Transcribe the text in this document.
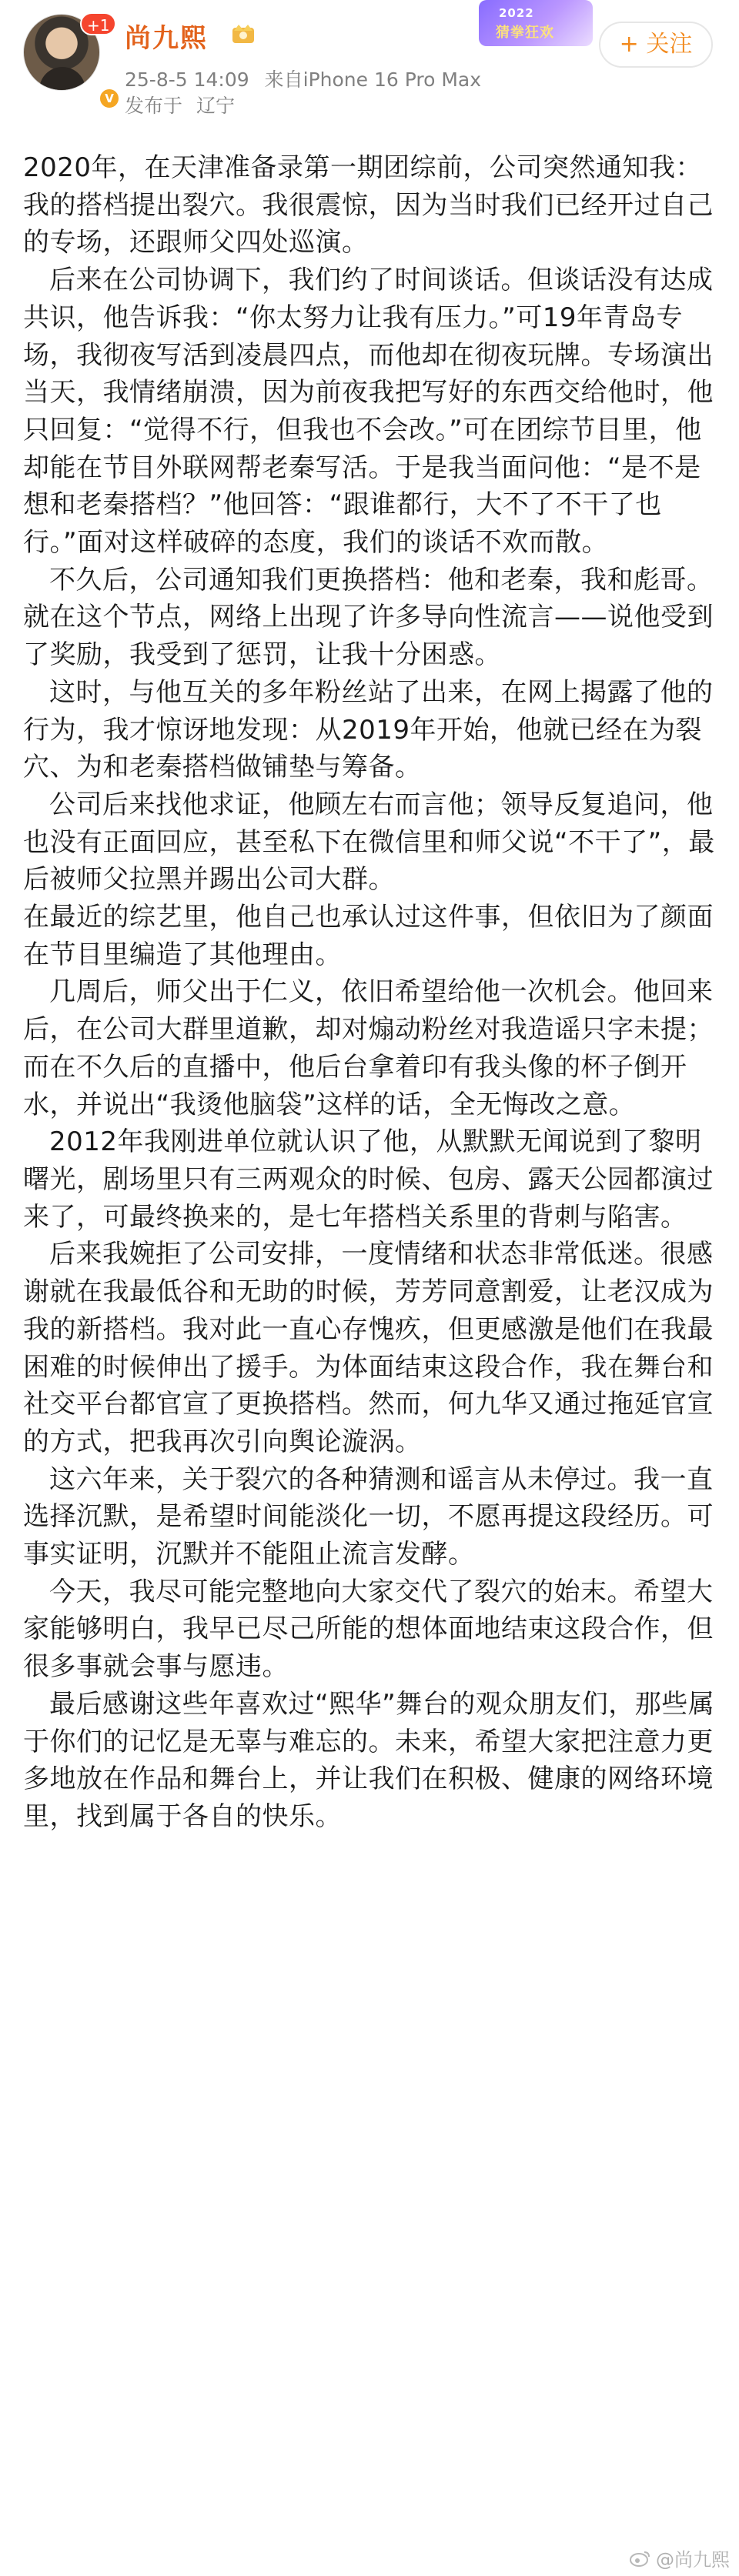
+1
V
尚九熙
25-8-5 14:09 来自iPhone 16 Pro Max
发布于 辽宁
2022
猜拳狂欢	+ 关注

2020年，在天津准备录第一期团综前，公司突然通知我：我的搭档提出裂穴。我很震惊，因为当时我们已经开过自己的专场，还跟师父四处巡演。

后来在公司协调下，我们约了时间谈话。但谈话没有达成共识，他告诉我：“你太努力让我有压力。”可19年青岛专场，我彻夜写活到凌晨四点，而他却在彻夜玩牌。专场演出当天，我情绪崩溃，因为前夜我把写好的东西交给他时，他只回复：“觉得不行，但我也不会改。”可在团综节目里，他却能在节目外联网帮老秦写活。于是我当面问他：“是不是想和老秦搭档？”他回答：“跟谁都行，大不了不干了也行。”面对这样破碎的态度，我们的谈话不欢而散。

不久后，公司通知我们更换搭档：他和老秦，我和彪哥。就在这个节点，网络上出现了许多导向性流言——说他受到了奖励，我受到了惩罚，让我十分困惑。

这时，与他互关的多年粉丝站了出来，在网上揭露了他的行为，我才惊讶地发现：从2019年开始，他就已经在为裂穴、为和老秦搭档做铺垫与筹备。

公司后来找他求证，他顾左右而言他；领导反复追问，他也没有正面回应，甚至私下在微信里和师父说“不干了”，最后被师父拉黑并踢出公司大群。

在最近的综艺里，他自己也承认过这件事，但依旧为了颜面在节目里编造了其他理由。

几周后，师父出于仁义，依旧希望给他一次机会。他回来后，在公司大群里道歉，却对煽动粉丝对我造谣只字未提；而在不久后的直播中，他后台拿着印有我头像的杯子倒开水，并说出“我烫他脑袋”这样的话，全无悔改之意。

2012年我刚进单位就认识了他，从默默无闻说到了黎明曙光，剧场里只有三两观众的时候、包房、露天公园都演过来了，可最终换来的，是七年搭档关系里的背刺与陷害。

后来我婉拒了公司安排，一度情绪和状态非常低迷。很感谢就在我最低谷和无助的时候，芳芳同意割爱，让老汉成为我的新搭档。我对此一直心存愧疚，但更感激是他们在我最困难的时候伸出了援手。为体面结束这段合作，我在舞台和社交平台都官宣了更换搭档。然而，何九华又通过拖延官宣的方式，把我再次引向舆论漩涡。

这六年来，关于裂穴的各种猜测和谣言从未停过。我一直选择沉默，是希望时间能淡化一切，不愿再提这段经历。可事实证明，沉默并不能阻止流言发酵。

今天，我尽可能完整地向大家交代了裂穴的始末。希望大家能够明白，我早已尽己所能的想体面地结束这段合作，但很多事就会事与愿违。

最后感谢这些年喜欢过“熙华”舞台的观众朋友们，那些属于你们的记忆是无辜与难忘的。未来，希望大家把注意力更多地放在作品和舞台上，并让我们在积极、健康的网络环境里，找到属于各自的快乐。

@尚九熙
